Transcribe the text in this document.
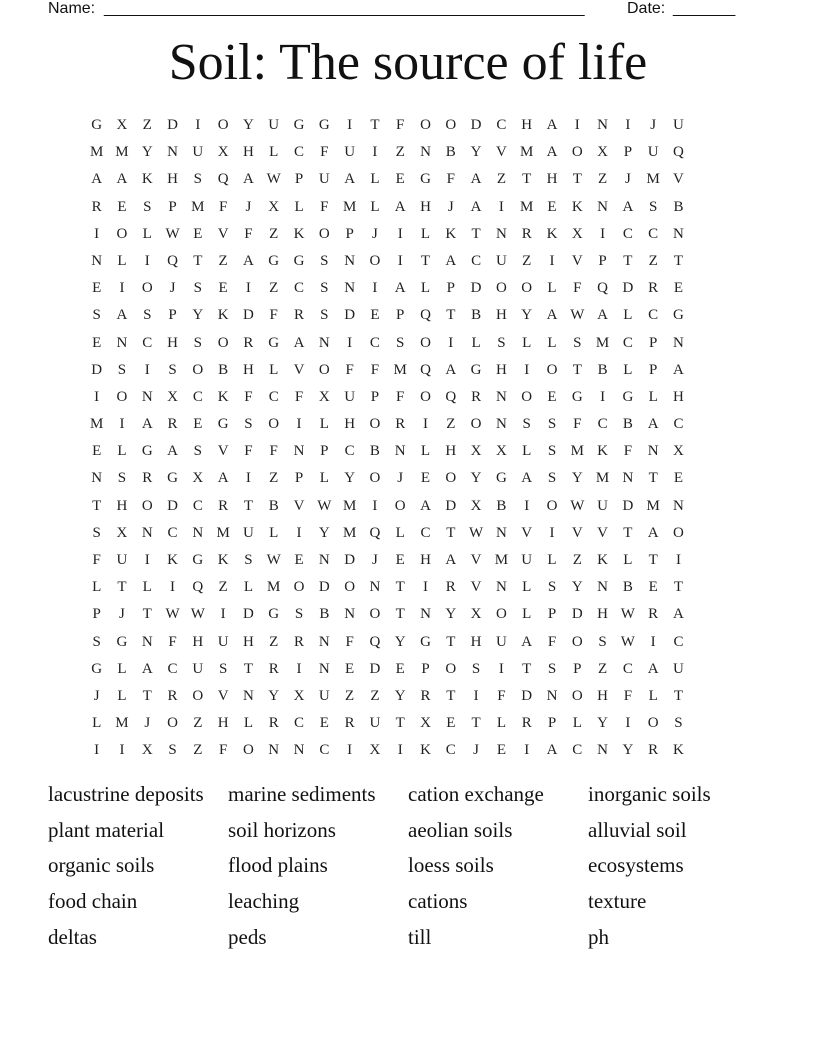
Name: ______________________________________________________	Date: _______
Soil: The source of life
G X	Z	D	I	O Y U G G	I	T	F	O O D C H A	I	N	I	J	U
M M Y N U X H	L	C	F	U	I	Z	N B Y V M A O X	P	U Q
A A K H	S	Q A W P	U A	L	E	G	F	A	Z	T	H	T	Z	J	M V
R	E	S	P M F	J	X	L	F M L	A H	J	A	I	M E	K N A	S	B
I	O	L W E	V	F	Z	K O	P	J	I	L	K	T	N R K X	I	C	C N
N	L	I	Q	T	Z	A G G	S	N O	I	T	A C U	Z	I	V	P	T	Z	T
E	I	O	J	S	E	I	Z	C	S	N	I	A	L	P	D O O	L	F	Q D R	E
S	A	S	P	Y K D	F	R	S	D	E	P	Q	T	B H Y A W A	L	C G
E	N C H	S	O R G A N	I	C	S	O	I	L	S	L	L	S M C	P	N
D	S	I	S	O B H	L	V O	F	F M Q A G H	I	O	T	B	L	P	A
I	O N X C K	F	C	F	X U	P	F	O Q R N O	E	G	I	G	L	H
M	I	A R	E	G	S	O	I	L	H O R	I	Z	O N	S	S	F	C	B A C
E	L	G A	S	V	F	F	N	P	C	B N	L	H X X	L	S M K	F	N X
N	S	R G X A	I	Z	P	L	Y O	J	E	O Y G A	S	Y M N	T	E
T	H O D C	R	T	B V W M	I	O A D X B	I	O W U D M N
S	X N C N M U	L	I	Y M Q	L	C	T W N V	I	V V	T	A O
F	U	I	K G K	S W E	N D	J	E	H A V M U	L	Z	K	L	T	I
L	T	L	I	Q	Z	L M O D O N	T	I	R V N	L	S	Y N B	E	T
P	J	T W W	I	D G	S	B N O	T	N Y X O	L	P	D H W R A
S	G N	F	H U H	Z	R N	F	Q Y G	T	H U A	F	O	S W	I	C
G	L	A C U	S	T	R	I	N	E	D	E	P	O	S	I	T	S	P	Z	C A U
J	L	T	R O V N Y X U	Z	Z	Y R	T	I	F	D N O H	F	L	T
L M	J	O	Z	H	L	R	C	E	R U	T	X	E	T	L	R	P	L	Y	I	O	S
I	I	X	S	Z	F	O N N C	I	X	I	K C	J	E	I	A C N Y R K
lacustrine deposits	marine sediments	cation exchange	inorganic soils
plant material	soil horizons	aeolian soils	alluvial soil
organic soils	flood plains	loess soils	ecosystems
food chain	leaching	cations	texture
deltas	peds	till	ph
